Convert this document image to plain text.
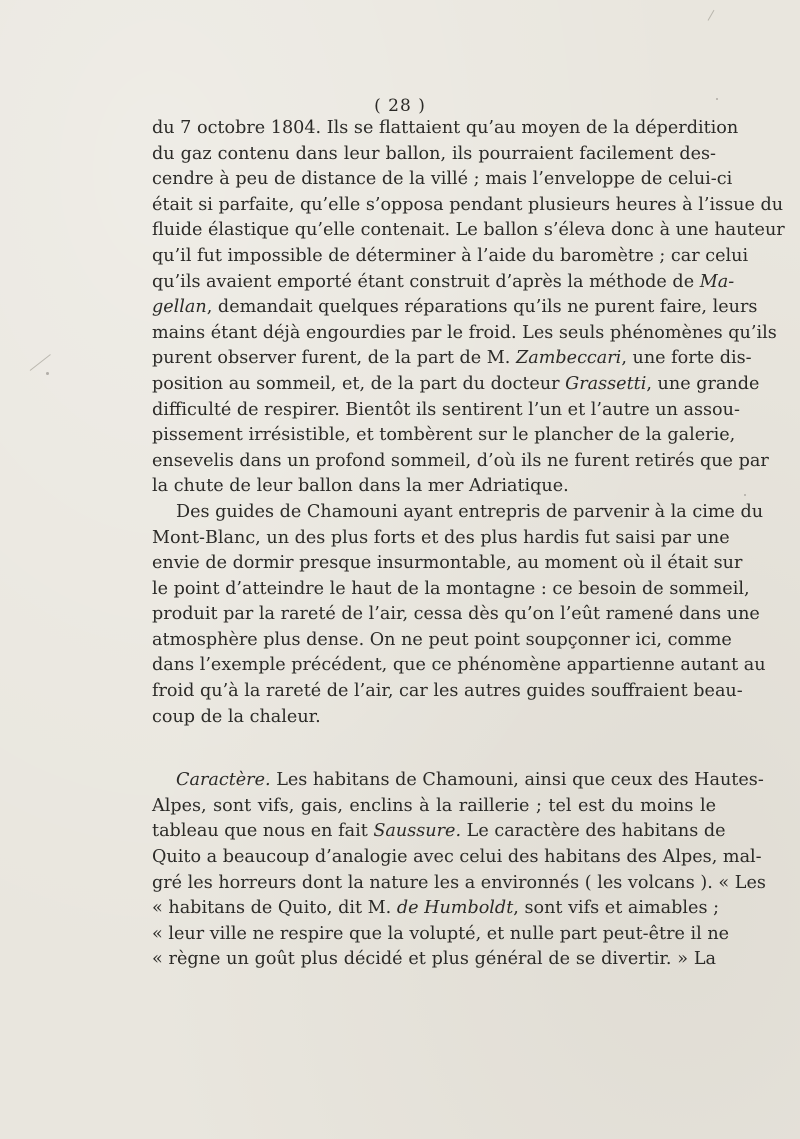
( 28 )
du 7 octobre 1804. Ils se flattaient qu’au moyen de la déperdition
du gaz contenu dans leur ballon, ils pourraient facilement des-
cendre à peu de distance de la villé ; mais l’enveloppe de celui-ci
était si parfaite, qu’elle s’opposa pendant plusieurs heures à l’issue du
fluide élastique qu’elle contenait. Le ballon s’éleva donc à une hauteur
qu’il fut impossible de déterminer à l’aide du baromètre ; car celui
qu’ils avaient emporté étant construit d’après la méthode de Ma-
gellan, demandait quelques réparations qu’ils ne purent faire, leurs
mains étant déjà engourdies par le froid. Les seuls phénomènes qu’ils
purent observer furent, de la part de M. Zambeccari, une forte dis-
position au sommeil, et, de la part du docteur Grassetti, une grande
difficulté de respirer. Bientôt ils sentirent l’un et l’autre un assou-
pissement irrésistible, et tombèrent sur le plancher de la galerie,
ensevelis dans un profond sommeil, d’où ils ne furent retirés que par
la chute de leur ballon dans la mer Adriatique.
Des guides de Chamouni ayant entrepris de parvenir à la cime du
Mont-Blanc, un des plus forts et des plus hardis fut saisi par une
envie de dormir presque insurmontable, au moment où il était sur
le point d’atteindre le haut de la montagne : ce besoin de sommeil,
produit par la rareté de l’air, cessa dès qu’on l’eût ramené dans une
atmosphère plus dense. On ne peut point soupçonner ici, comme
dans l’exemple précédent, que ce phénomène appartienne autant au
froid qu’à la rareté de l’air, car les autres guides souffraient beau-
coup de la chaleur.
Caractère. Les habitans de Chamouni, ainsi que ceux des Hautes-
Alpes, sont vifs, gais, enclins à la raillerie ; tel est du moins le
tableau que nous en fait Saussure. Le caractère des habitans de
Quito a beaucoup d’analogie avec celui des habitans des Alpes, mal-
gré les horreurs dont la nature les a environnés ( les volcans ). « Les
« habitans de Quito, dit M. de Humboldt, sont vifs et aimables ;
« leur ville ne respire que la volupté, et nulle part peut-être il ne
« règne un goût plus décidé et plus général de se divertir. » La
